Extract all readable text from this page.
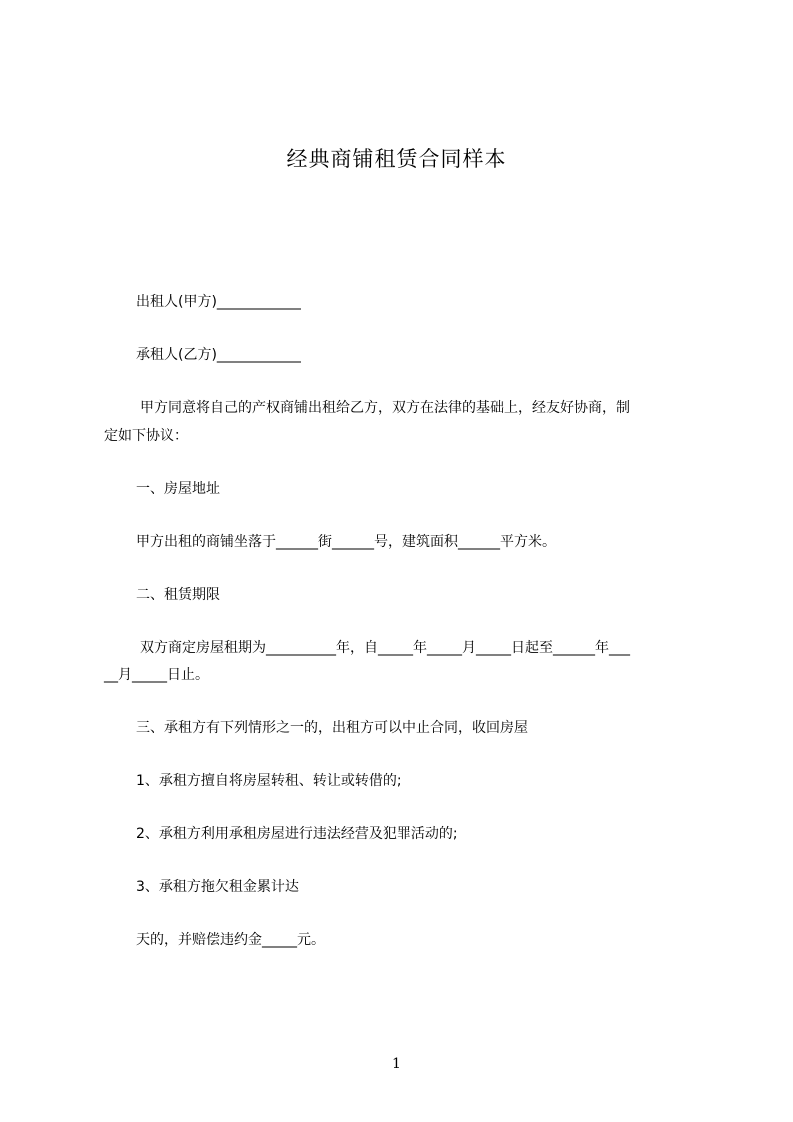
经典商铺租赁合同样本
出租人(甲方)____________
承租人(乙方)____________
甲方同意将自己的产权商铺出租给乙方，双方在法律的基础上，经友好协商，制
定如下协议：
一、房屋地址
甲方出租的商铺坐落于______街______号，建筑面积______平方米。
二、租赁期限
双方商定房屋租期为__________年，自_____年_____月_____日起至______年___
__月_____日止。
三、承租方有下列情形之一的，出租方可以中止合同，收回房屋
1、承租方擅自将房屋转租、转让或转借的;
2、承租方利用承租房屋进行违法经营及犯罪活动的;
3、承租方拖欠租金累计达
天的，并赔偿违约金_____元。
1
